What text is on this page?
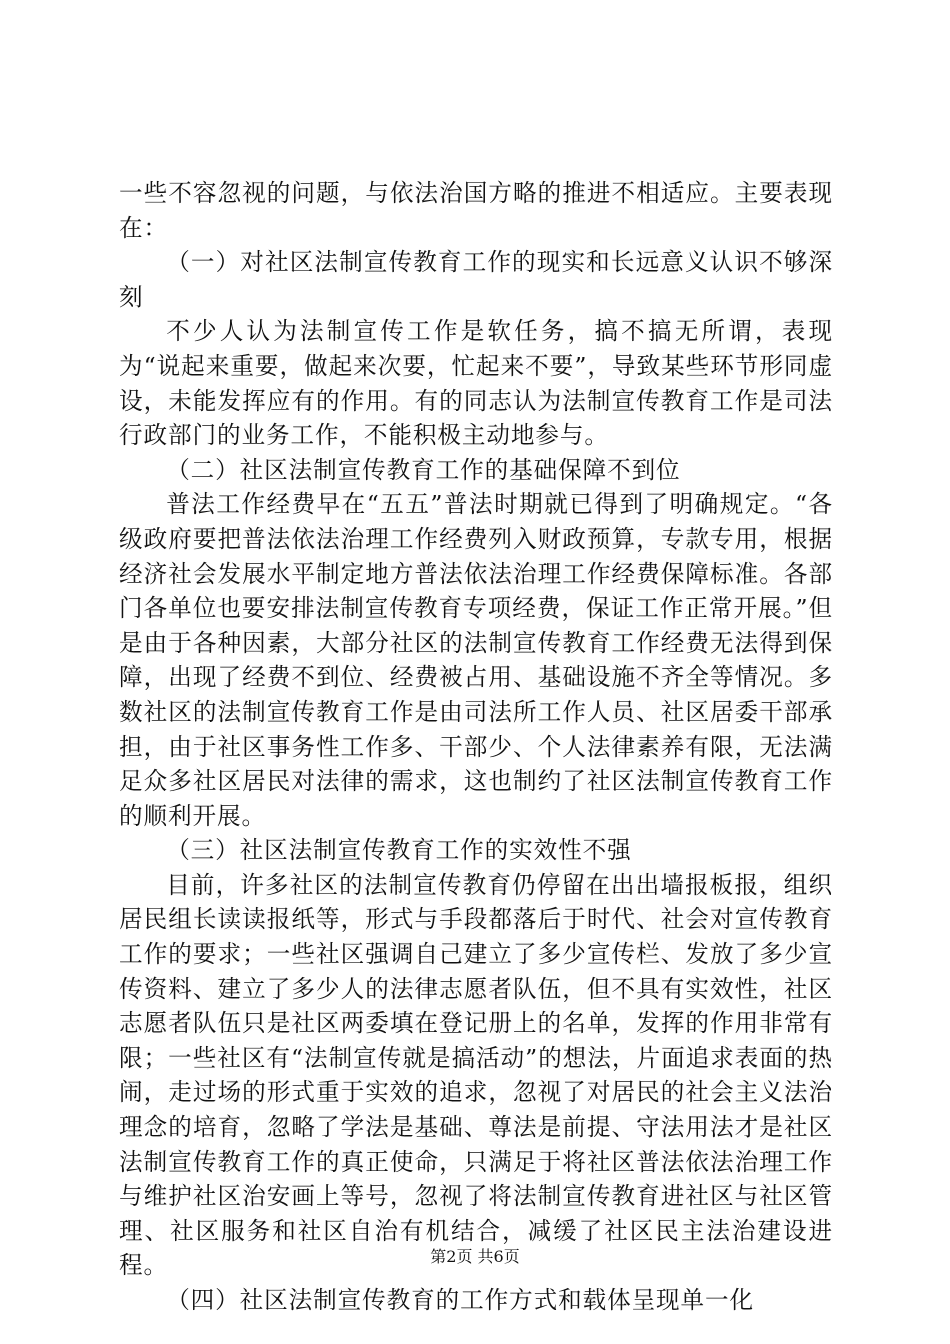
一些不容忽视的问题，与依法治国方略的推进不相适应。主要表现在：

（一）对社区法制宣传教育工作的现实和长远意义认识不够深刻

不少人认为法制宣传工作是软任务，搞不搞无所谓，表现为“说起来重要，做起来次要，忙起来不要”，导致某些环节形同虚设，未能发挥应有的作用。有的同志认为法制宣传教育工作是司法行政部门的业务工作，不能积极主动地参与。

（二）社区法制宣传教育工作的基础保障不到位

普法工作经费早在“五五”普法时期就已得到了明确规定。“各级政府要把普法依法治理工作经费列入财政预算，专款专用，根据经济社会发展水平制定地方普法依法治理工作经费保障标准。各部门各单位也要安排法制宣传教育专项经费，保证工作正常开展。”但是由于各种因素，大部分社区的法制宣传教育工作经费无法得到保障，出现了经费不到位、经费被占用、基础设施不齐全等情况。多数社区的法制宣传教育工作是由司法所工作人员、社区居委干部承担，由于社区事务性工作多、干部少、个人法律素养有限，无法满足众多社区居民对法律的需求，这也制约了社区法制宣传教育工作的顺利开展。

（三）社区法制宣传教育工作的实效性不强

目前，许多社区的法制宣传教育仍停留在出出墙报板报，组织居民组长读读报纸等，形式与手段都落后于时代、社会对宣传教育工作的要求；一些社区强调自己建立了多少宣传栏、发放了多少宣传资料、建立了多少人的法律志愿者队伍，但不具有实效性，社区志愿者队伍只是社区两委填在登记册上的名单，发挥的作用非常有限；一些社区有“法制宣传就是搞活动”的想法，片面追求表面的热闹，走过场的形式重于实效的追求，忽视了对居民的社会主义法治理念的培育，忽略了学法是基础、尊法是前提、守法用法才是社区法制宣传教育工作的真正使命，只满足于将社区普法依法治理工作与维护社区治安画上等号，忽视了将法制宣传教育进社区与社区管理、社区服务和社区自治有机结合，减缓了社区民主法治建设进程。

（四）社区法制宣传教育的工作方式和载体呈现单一化

第2页 共6页
